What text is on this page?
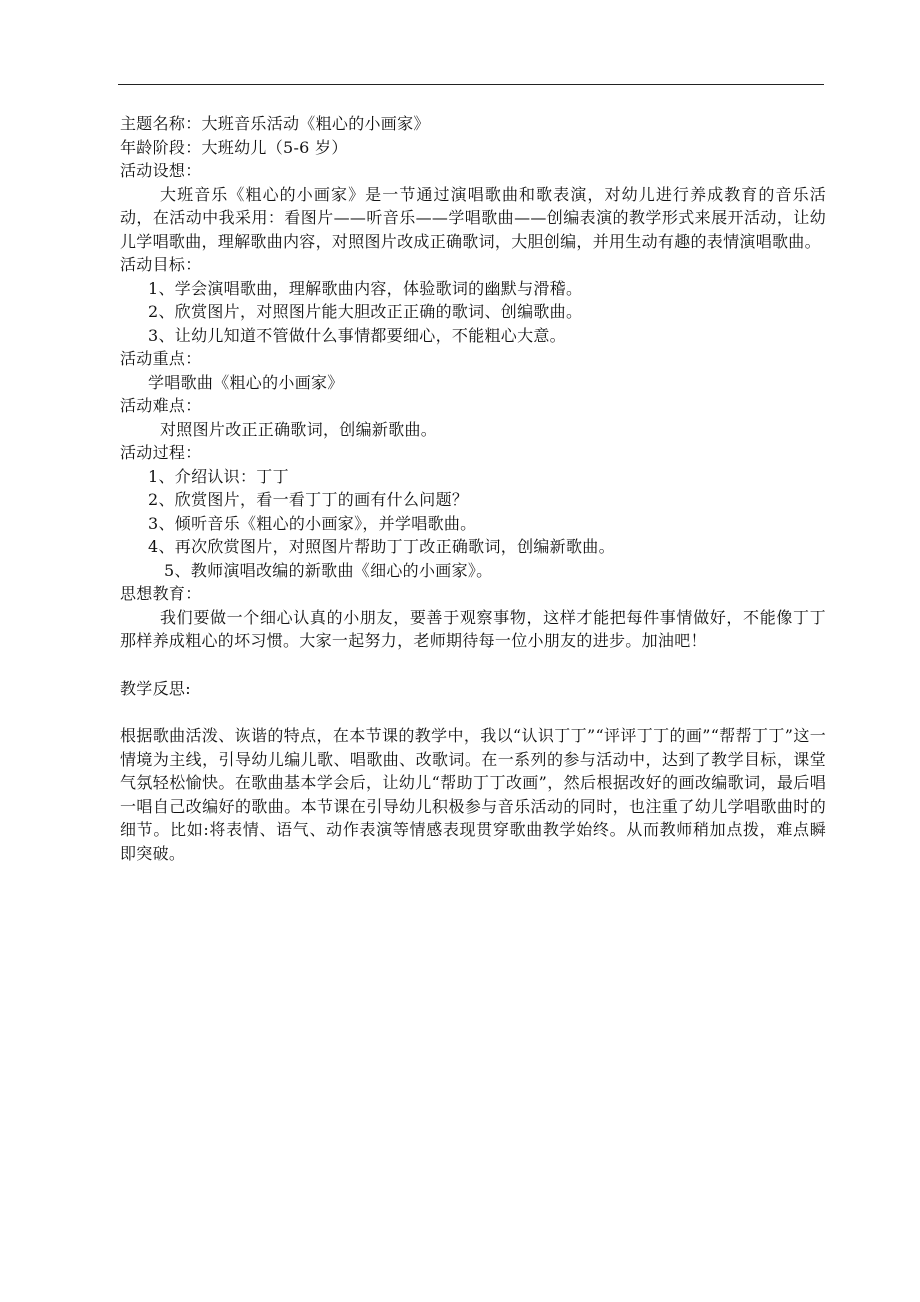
主题名称：大班音乐活动《粗心的小画家》
年龄阶段：大班幼儿（5-6 岁）
活动设想：

大班音乐《粗心的小画家》是一节通过演唱歌曲和歌表演，对幼儿进行养成教育的音乐活动，在活动中我采用：看图片——听音乐——学唱歌曲——创编表演的教学形式来展开活动，让幼儿学唱歌曲，理解歌曲内容，对照图片改成正确歌词，大胆创编，并用生动有趣的表情演唱歌曲。

活动目标：
1、学会演唱歌曲，理解歌曲内容，体验歌词的幽默与滑稽。
2、欣赏图片，对照图片能大胆改正正确的歌词、创编歌曲。
3、让幼儿知道不管做什么事情都要细心，不能粗心大意。
活动重点：
学唱歌曲《粗心的小画家》
活动难点：
对照图片改正正确歌词，创编新歌曲。
活动过程：
1、介绍认识：丁丁
2、欣赏图片，看一看丁丁的画有什么问题？
3、倾听音乐《粗心的小画家》，并学唱歌曲。
4、再次欣赏图片，对照图片帮助丁丁改正确歌词，创编新歌曲。
5、教师演唱改编的新歌曲《细心的小画家》。
思想教育：

我们要做一个细心认真的小朋友，要善于观察事物，这样才能把每件事情做好，不能像丁丁那样养成粗心的坏习惯。大家一起努力，老师期待每一位小朋友的进步。加油吧！

教学反思:

根据歌曲活泼、诙谐的特点，在本节课的教学中，我以“认识丁丁”“评评丁丁的画”“帮帮丁丁”这一情境为主线，引导幼儿编儿歌、唱歌曲、改歌词。在一系列的参与活动中，达到了教学目标，课堂气氛轻松愉快。在歌曲基本学会后，让幼儿“帮助丁丁改画”，然后根据改好的画改编歌词，最后唱一唱自己改编好的歌曲。本节课在引导幼儿积极参与音乐活动的同时，也注重了幼儿学唱歌曲时的细节。比如:将表情、语气、动作表演等情感表现贯穿歌曲教学始终。从而教师稍加点拨，难点瞬即突破。
